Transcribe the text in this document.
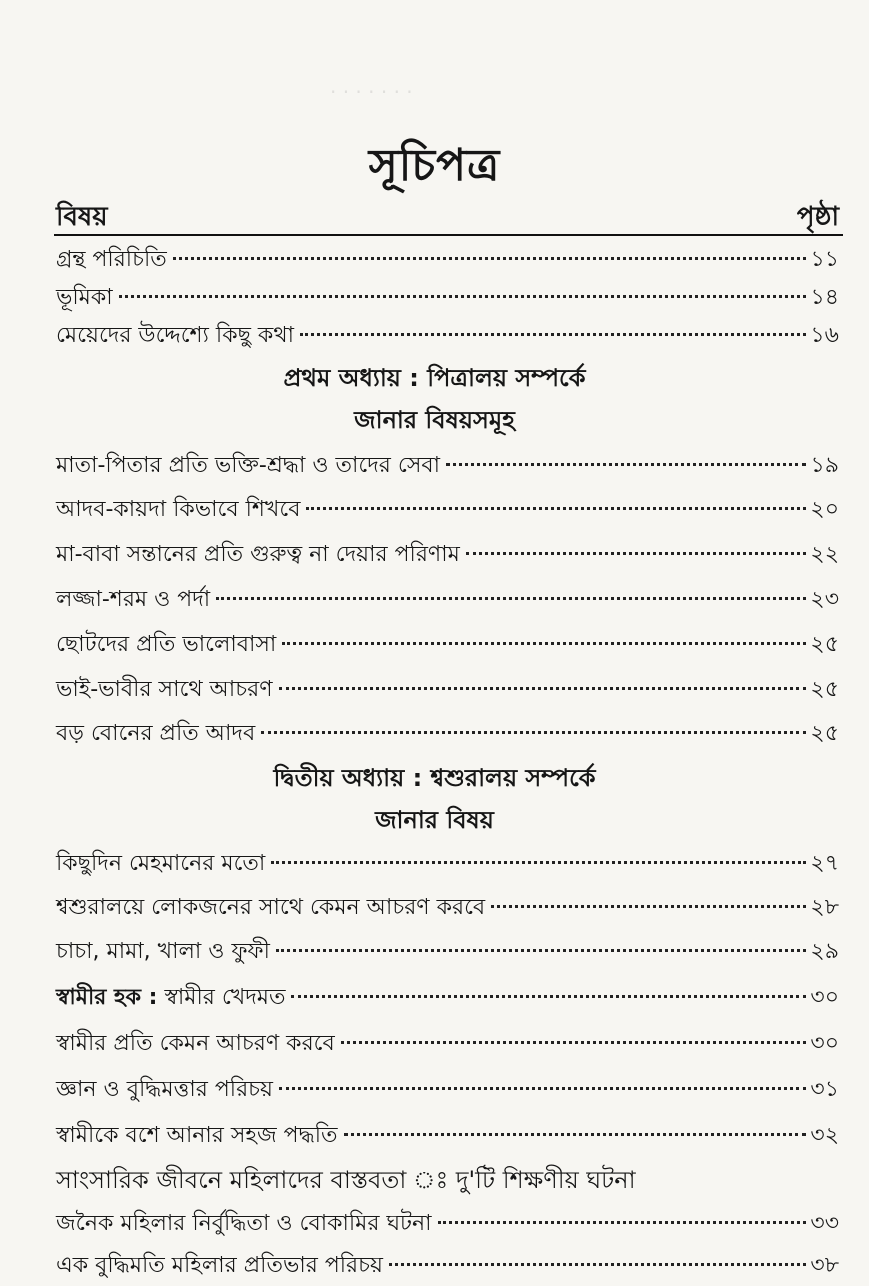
· · · · · · ·
সূচিপত্র
বিষয়	পৃষ্ঠা
গ্রন্থ পরিচিতি	১১
ভূমিকা	১৪
মেয়েদের উদ্দেশ্যে কিছু কথা	১৬
প্রথম অধ্যায় : পিত্রালয় সম্পর্কে
জানার বিষয়সমূহ
মাতা-পিতার প্রতি ভক্তি-শ্রদ্ধা ও তাদের সেবা	১৯
আদব-কায়দা কিভাবে শিখবে	২০
মা-বাবা সন্তানের প্রতি গুরুত্ব না দেয়ার পরিণাম	২২
লজ্জা-শরম ও পর্দা	২৩
ছোটদের প্রতি ভালোবাসা	২৫
ভাই-ভাবীর সাথে আচরণ	২৫
বড় বোনের প্রতি আদব	২৫
দ্বিতীয় অধ্যায় : শ্বশুরালয় সম্পর্কে
জানার বিষয়
কিছুদিন মেহমানের মতো	২৭
শ্বশুরালয়ে লোকজনের সাথে কেমন আচরণ করবে	২৮
চাচা, মামা, খালা ও ফুফী	২৯
স্বামীর হক : স্বামীর খেদমত	৩০
স্বামীর প্রতি কেমন আচরণ করবে	৩০
জ্ঞান ও বুদ্ধিমত্তার পরিচয়	৩১
স্বামীকে বশে আনার সহজ পদ্ধতি	৩২
সাংসারিক জীবনে মহিলাদের বাস্তবতা ঃ দু'টি শিক্ষণীয় ঘটনা
জনৈক মহিলার নির্বুদ্ধিতা ও বোকামির ঘটনা	৩৩
এক বুদ্ধিমতি মহিলার প্রতিভার পরিচয়	৩৮
